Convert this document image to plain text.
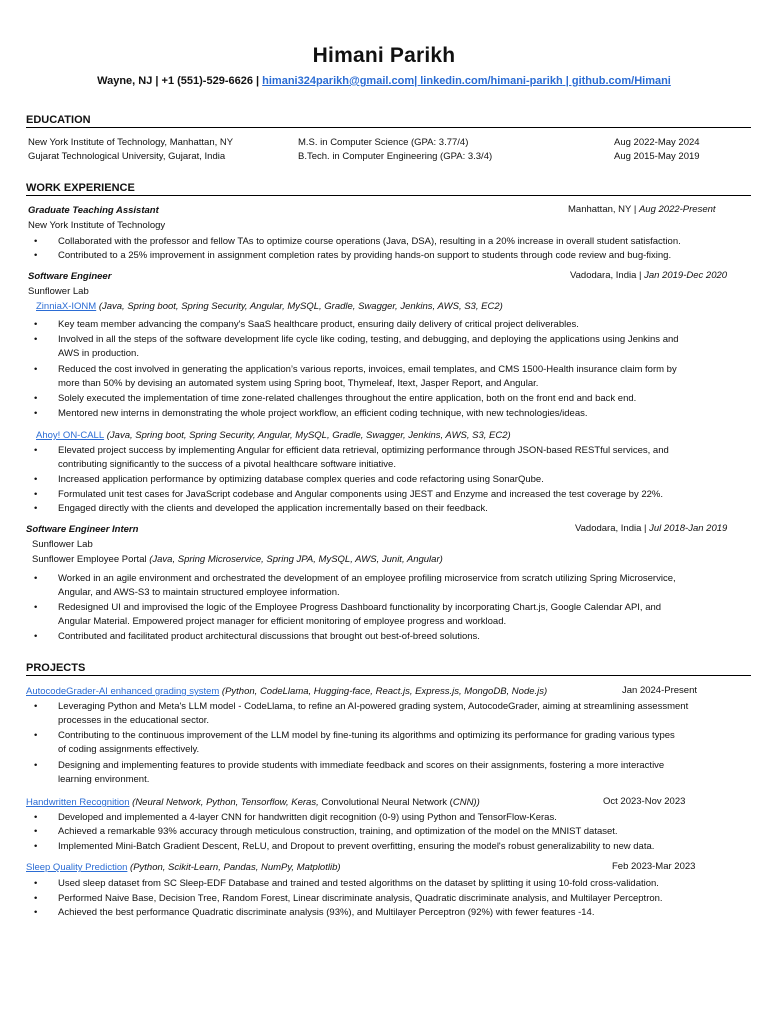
Himani Parikh
Wayne, NJ | +1 (551)-529-6626 | himani324parikh@gmail.com| linkedin.com/himani-parikh | github.com/Himani
EDUCATION
New York Institute of Technology, Manhattan, NY	M.S. in Computer Science (GPA: 3.77/4)	Aug 2022-May 2024
Gujarat Technological University, Gujarat, India	B.Tech. in Computer Engineering (GPA: 3.3/4)	Aug 2015-May 2019
WORK EXPERIENCE
Graduate Teaching Assistant	Manhattan, NY | Aug 2022-Present
New York Institute of Technology
• Collaborated with the professor and fellow TAs to optimize course operations (Java, DSA), resulting in a 20% increase in overall student satisfaction.
• Contributed to a 25% improvement in assignment completion rates by providing hands-on support to students through code review and bug-fixing.
Software Engineer	Vadodara, India | Jan 2019-Dec 2020
Sunflower Lab
ZinniaX-IONM (Java, Spring boot, Spring Security, Angular, MySQL, Gradle, Swagger, Jenkins, AWS, S3, EC2)
• Key team member advancing the company's SaaS healthcare product, ensuring daily delivery of critical project deliverables.
• Involved in all the steps of the software development life cycle like coding, testing, and debugging, and deploying the applications using Jenkins and
AWS in production.
• Reduced the cost involved in generating the application’s various reports, invoices, email templates, and CMS 1500-Health insurance claim form by
more than 50% by devising an automated system using Spring boot, Thymeleaf, Itext, Jasper Report, and Angular.
• Solely executed the implementation of time zone-related challenges throughout the entire application, both on the front end and back end.
• Mentored new interns in demonstrating the whole project workflow, an efficient coding technique, with new technologies/ideas.
Ahoy! ON-CALL (Java, Spring boot, Spring Security, Angular, MySQL, Gradle, Swagger, Jenkins, AWS, S3, EC2)
• Elevated project success by implementing Angular for efficient data retrieval, optimizing performance through JSON-based RESTful services, and
contributing significantly to the success of a pivotal healthcare software initiative.
• Increased application performance by optimizing database complex queries and code refactoring using SonarQube.
• Formulated unit test cases for JavaScript codebase and Angular components using JEST and Enzyme and increased the test coverage by 22%.
• Engaged directly with the clients and developed the application incrementally based on their feedback.
Software Engineer Intern	Vadodara, India | Jul 2018-Jan 2019
Sunflower Lab
Sunflower Employee Portal (Java, Spring Microservice, Spring JPA, MySQL, AWS, Junit, Angular)
• Worked in an agile environment and orchestrated the development of an employee profiling microservice from scratch utilizing Spring Microservice,
Angular, and AWS-S3 to maintain structured employee information.
• Redesigned UI and improvised the logic of the Employee Progress Dashboard functionality by incorporating Chart.js, Google Calendar API, and
Angular Material. Empowered project manager for efficient monitoring of employee progress and workload.
• Contributed and facilitated product architectural discussions that brought out best-of-breed solutions.
PROJECTS
AutocodeGrader-AI enhanced grading system (Python, CodeLlama, Hugging-face, React.js, Express.js, MongoDB, Node.js)	Jan 2024-Present
• Leveraging Python and Meta's LLM model - CodeLlama, to refine an AI-powered grading system, AutocodeGrader, aiming at streamlining assessment
processes in the educational sector.
• Contributing to the continuous improvement of the LLM model by fine-tuning its algorithms and optimizing its performance for grading various types
of coding assignments effectively.
• Designing and implementing features to provide students with immediate feedback and scores on their assignments, fostering a more interactive
learning environment.
Handwritten Recognition (Neural Network, Python, Tensorflow, Keras, Convolutional Neural Network (CNN))	Oct 2023-Nov 2023
• Developed and implemented a 4-layer CNN for handwritten digit recognition (0-9) using Python and TensorFlow-Keras.
• Achieved a remarkable 93% accuracy through meticulous construction, training, and optimization of the model on the MNIST dataset.
• Implemented Mini-Batch Gradient Descent, ReLU, and Dropout to prevent overfitting, ensuring the model's robust generalizability to new data.
Sleep Quality Prediction (Python, Scikit-Learn, Pandas, NumPy, Matplotlib)	Feb 2023-Mar 2023
• Used sleep dataset from SC Sleep-EDF Database and trained and tested algorithms on the dataset by splitting it using 10-fold cross-validation.
• Performed Naive Base, Decision Tree, Random Forest, Linear discriminate analysis, Quadratic discriminate analysis, and Multilayer Perceptron.
• Achieved the best performance Quadratic discriminate analysis (93%), and Multilayer Perceptron (92%) with fewer features -14.
